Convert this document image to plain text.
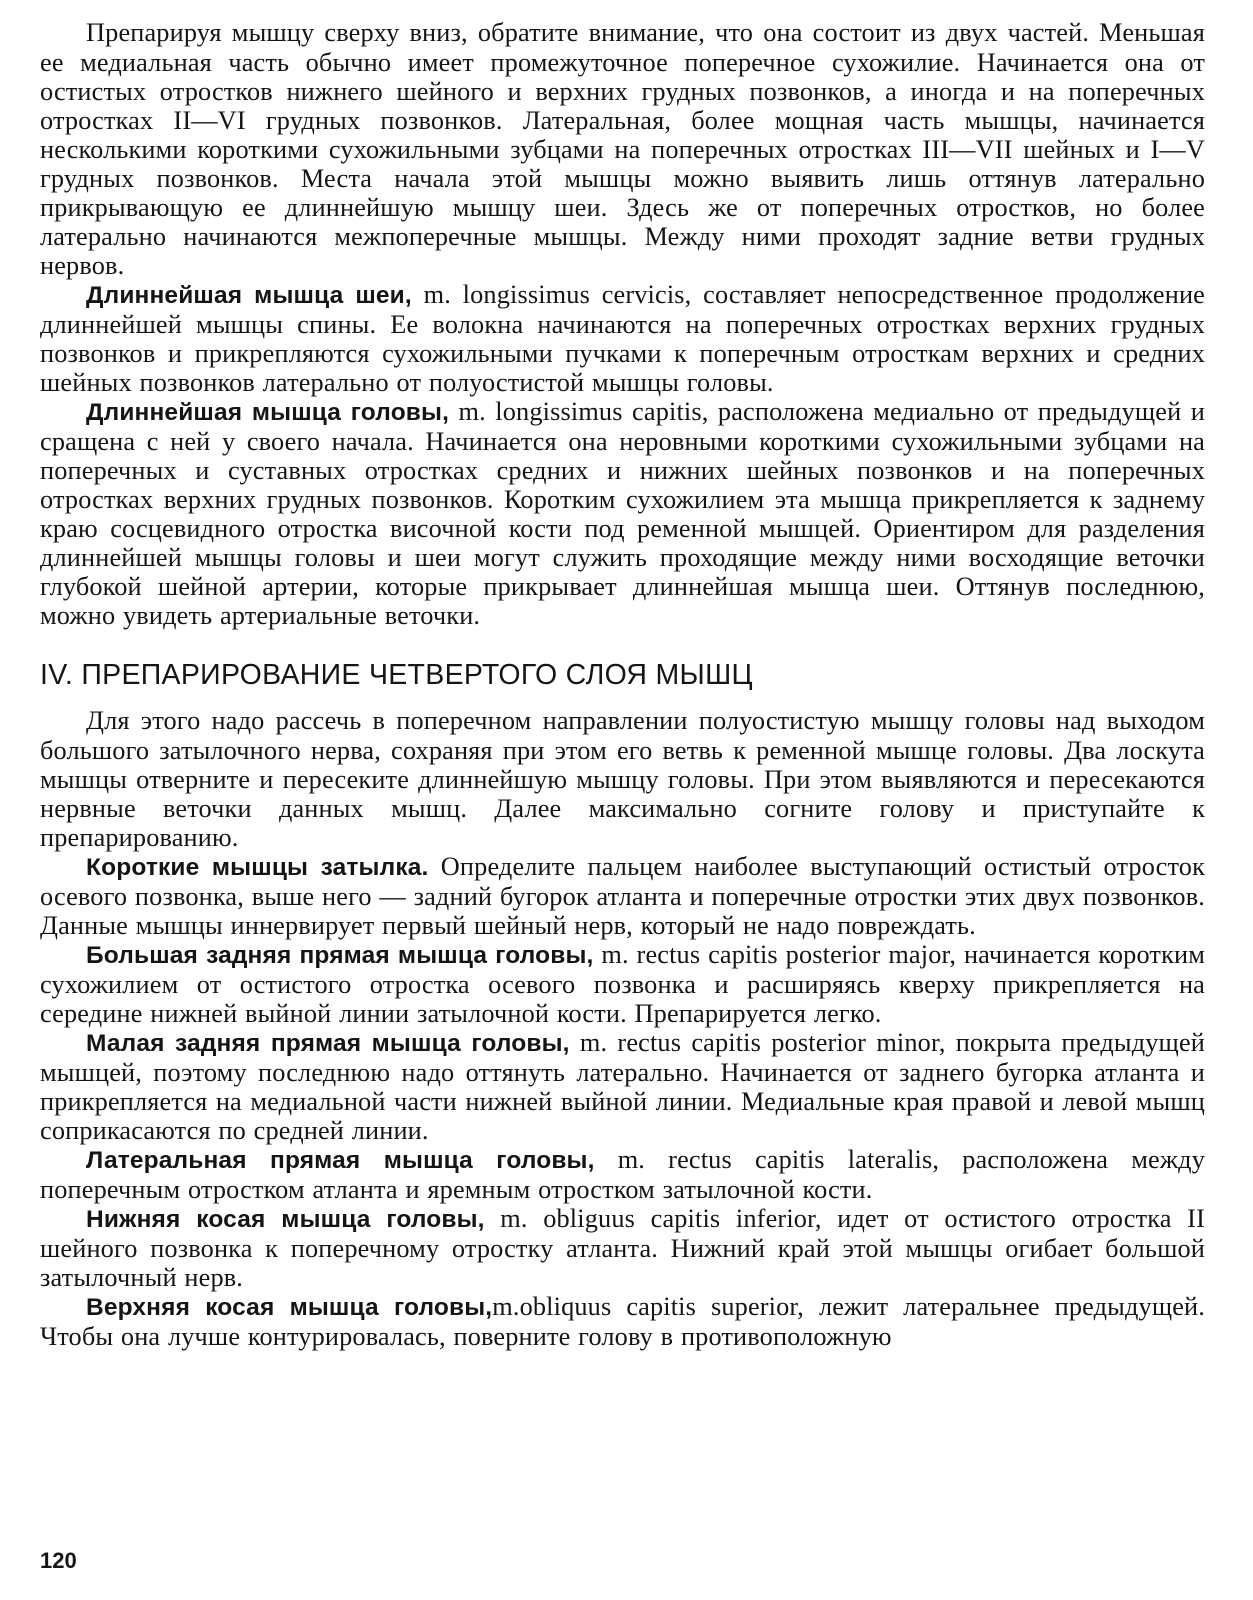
Препарируя мышцу сверху вниз, обратите внимание, что она состоит из двух частей. Меньшая ее медиальная часть обычно имеет промежуточное поперечное сухожилие. Начинается она от остистых отростков нижнего шейного и верхних грудных позвонков, а иногда и на поперечных отростках II—VI грудных позвонков. Латеральная, более мощная часть мышцы, начинается несколькими короткими сухожильными зубцами на поперечных отростках III—VII шейных и I—V грудных позвонков. Места начала этой мышцы можно выявить лишь оттянув латерально прикрывающую ее длиннейшую мышцу шеи. Здесь же от поперечных отростков, но более латерально начинаются межпоперечные мышцы. Между ними проходят задние ветви грудных нервов.

Длиннейшая мышца шеи, m. longissimus cervicis, составляет непосредственное продолжение длиннейшей мышцы спины. Ее волокна начинаются на поперечных отростках верхних грудных позвонков и прикрепляются сухожильными пучками к поперечным отросткам верхних и средних шейных позвонков латерально от полуостистой мышцы головы.

Длиннейшая мышца головы, m. longissimus capitis, расположена медиально от предыдущей и сращена с ней у своего начала. Начинается она неровными короткими сухожильными зубцами на поперечных и суставных отростках средних и нижних шейных позвонков и на поперечных отростках верхних грудных позвонков. Коротким сухожилием эта мышца прикрепляется к заднему краю сосцевидного отростка височной кости под ременной мышцей. Ориентиром для разделения длиннейшей мышцы головы и шеи могут служить проходящие между ними восходящие веточки глубокой шейной артерии, которые прикрывает длиннейшая мышца шеи. Оттянув последнюю, можно увидеть артериальные веточки.

IV. ПРЕПАРИРОВАНИЕ ЧЕТВЕРТОГО СЛОЯ МЫШЦ

Для этого надо рассечь в поперечном направлении полуостистую мышцу головы над выходом большого затылочного нерва, сохраняя при этом его ветвь к ременной мышце головы. Два лоскута мышцы отверните и пересеките длиннейшую мышцу головы. При этом выявляются и пересекаются нервные веточки данных мышц. Далее максимально согните голову и приступайте к препарированию.

Короткие мышцы затылка. Определите пальцем наиболее выступающий остистый отросток осевого позвонка, выше него — задний бугорок атланта и поперечные отростки этих двух позвонков. Данные мышцы иннервирует первый шейный нерв, который не надо повреждать.

Большая задняя прямая мышца головы, m. rectus capitis posterior major, начинается коротким сухожилием от остистого отростка осевого позвонка и расширяясь кверху прикрепляется на середине нижней выйной линии затылочной кости. Препарируется легко.

Малая задняя прямая мышца головы, m. rectus capitis posterior minor, покрыта предыдущей мышцей, поэтому последнюю надо оттянуть латерально. Начинается от заднего бугорка атланта и прикрепляется на медиальной части нижней выйной линии. Медиальные края правой и левой мышц соприкасаются по средней линии.

Латеральная прямая мышца головы, m. rectus capitis lateralis, расположена между поперечным отростком атланта и яремным отростком затылочной кости.

Нижняя косая мышца головы, m. obliguus capitis inferior, идет от остистого отростка II шейного позвонка к поперечному отростку атланта. Нижний край этой мышцы огибает большой затылочный нерв.

Верхняя косая мышца головы,m.obliquus capitis superior, лежит латеральнее предыдущей. Чтобы она лучше контурировалась, поверните голову в противоположную

120
